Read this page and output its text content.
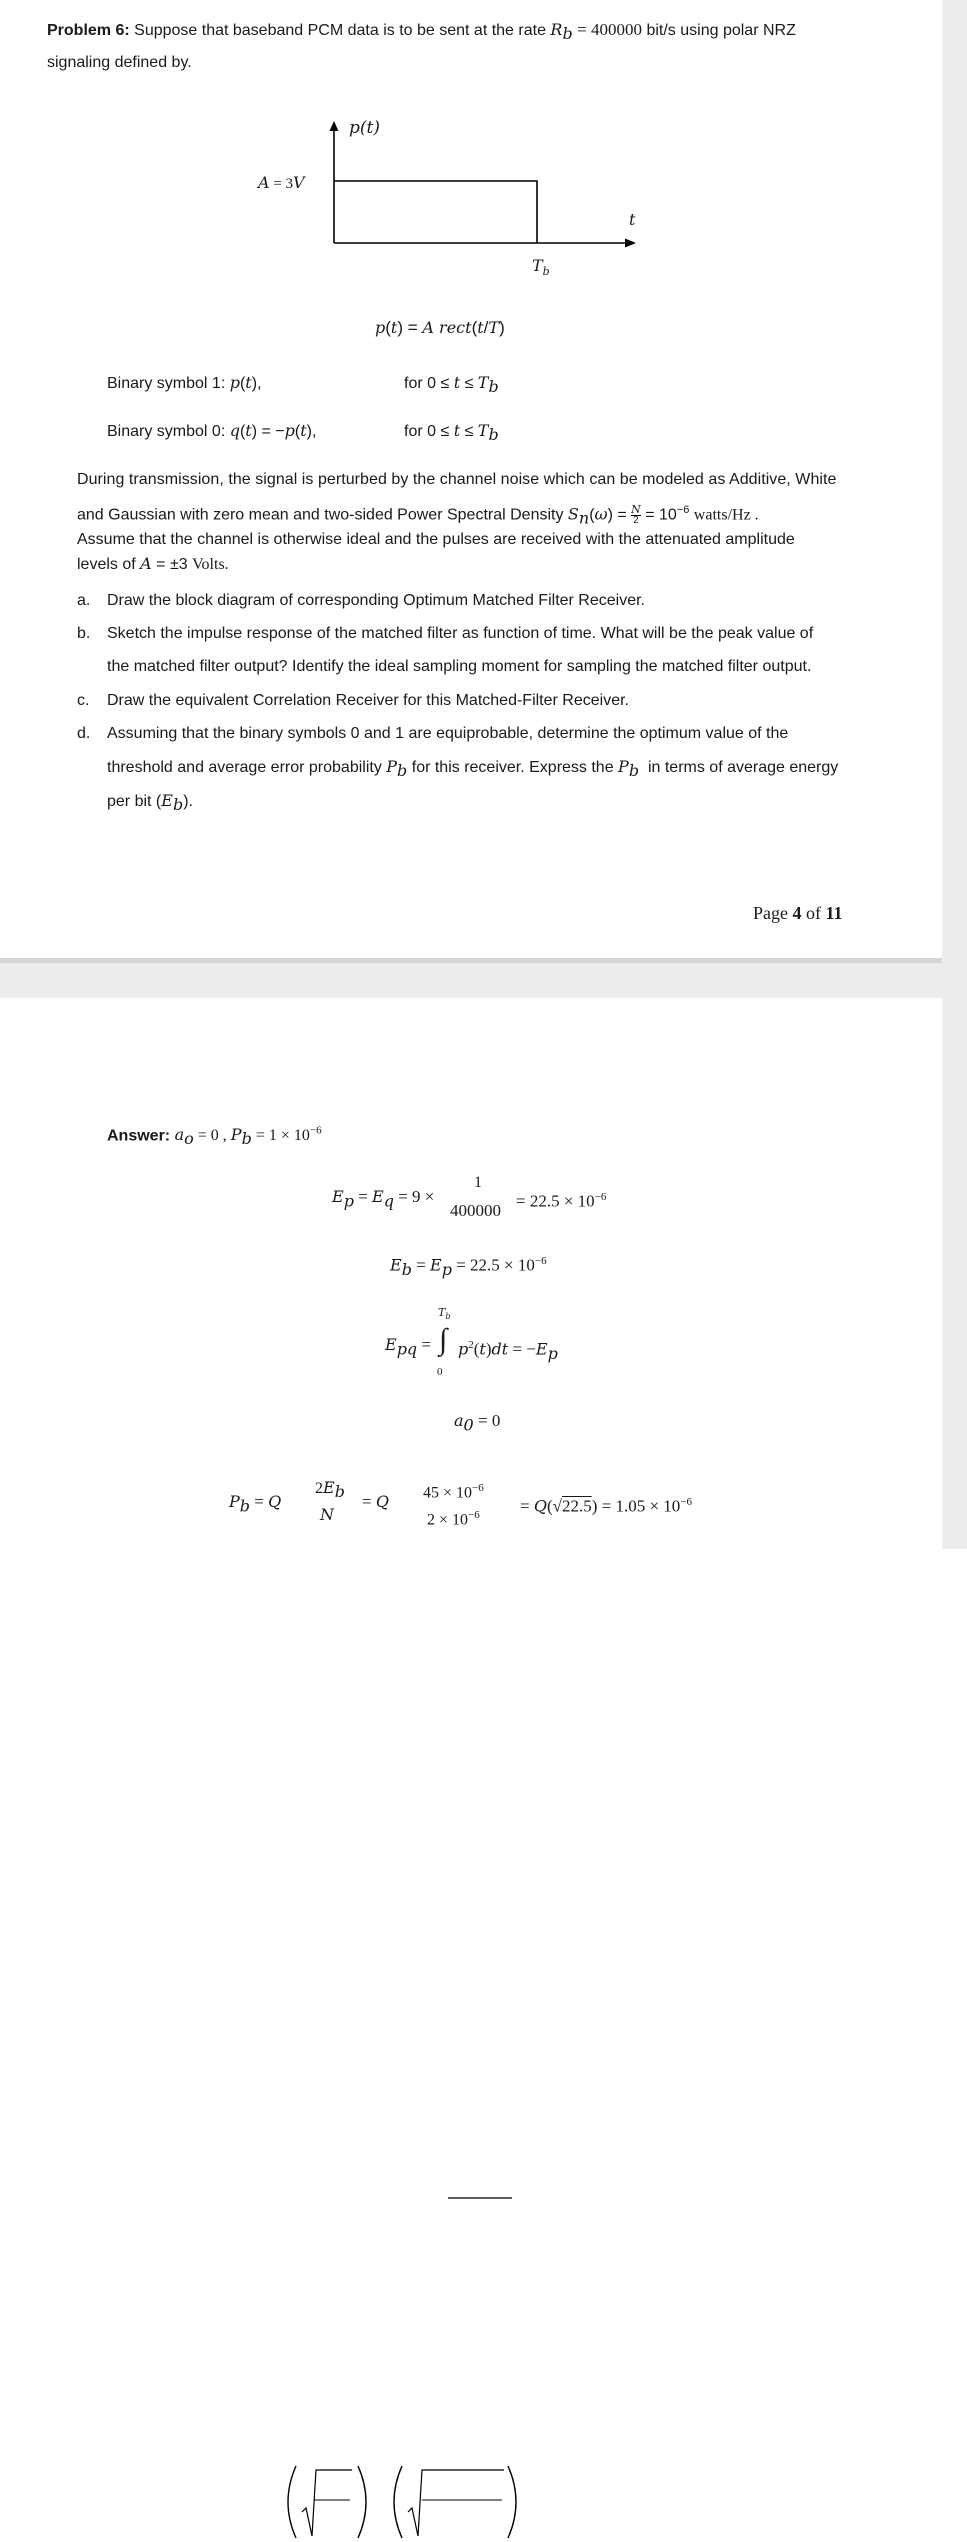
Problem 6: Suppose that baseband PCM data is to be sent at the rate $R_b = 400000$ bit/s using polar NRZ
signaling defined by.
p(t)
A = 3V
t
$T_b$
p(t) = A rect(t/T)
Binary symbol 1: p(t),	for $0 \le t \le T_b$
Binary symbol 0: q(t) = −p(t),	for $0 \le t \le T_b$
During transmission, the signal is perturbed by the channel noise which can be modeled as Additive, White
and Gaussian with zero mean and two-sided Power Spectral Density $S_n(\omega) = \frac{N}{2} = 10^{-6}$ watts/Hz .
Assume that the channel is otherwise ideal and the pulses are received with the attenuated amplitude
levels of A = ±3 Volts.
a. Draw the block diagram of corresponding Optimum Matched Filter Receiver.
b. Sketch the impulse response of the matched filter as function of time. What will be the peak value of
the matched filter output? Identify the ideal sampling moment for sampling the matched filter output.
c. Draw the equivalent Correlation Receiver for this Matched-Filter Receiver.
d. Assuming that the binary symbols 0 and 1 are equiprobable, determine the optimum value of the
threshold and average error probability $P_b$ for this receiver. Express the $P_b$  in terms of average energy
per bit $(E_b)$.
Page 4 of 11
Answer: $a_o = 0$ , $P_b = 1 \times 10^{-6}$
$E_p = E_q = 9$ ×
1
$400000 = 22.5 \times 10^{-6}$
$E_b = E_p = 22.5 \times 10^{-6}$
$E_{pq}$ =
$T_b$
∫
0
$p^2(t)dt = -E_p$
$a_0 = 0$
$P_b = Q$
$2E_b$
N
= Q $45 \times 10^{-6}$
$2 \times 10^{-6} = Q(√22.5) = 1.05 \times 10^{-6}$
